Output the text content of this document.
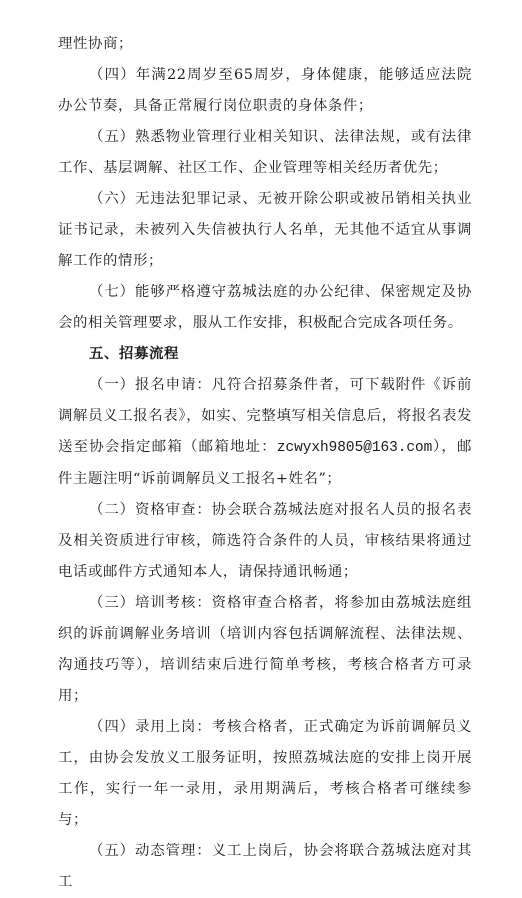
理性协商；

（四）年满22周岁至65周岁，身体健康，能够适应法院办公节奏，具备正常履行岗位职责的身体条件；

（五）熟悉物业管理行业相关知识、法律法规，或有法律工作、基层调解、社区工作、企业管理等相关经历者优先；

（六）无违法犯罪记录、无被开除公职或被吊销相关执业证书记录，未被列入失信被执行人名单，无其他不适宜从事调解工作的情形；

（七）能够严格遵守荔城法庭的办公纪律、保密规定及协会的相关管理要求，服从工作安排，积极配合完成各项任务。

五、招募流程

（一）报名申请：凡符合招募条件者，可下载附件《诉前调解员义工报名表》，如实、完整填写相关信息后，将报名表发送至协会指定邮箱（邮箱地址：zcwyxh9805@163.com），邮件主题注明“诉前调解员义工报名+姓名”；

（二）资格审查：协会联合荔城法庭对报名人员的报名表及相关资质进行审核，筛选符合条件的人员，审核结果将通过电话或邮件方式通知本人，请保持通讯畅通；

（三）培训考核：资格审查合格者，将参加由荔城法庭组织的诉前调解业务培训（培训内容包括调解流程、法律法规、沟通技巧等），培训结束后进行简单考核，考核合格者方可录用；

（四）录用上岗：考核合格者，正式确定为诉前调解员义工，由协会发放义工服务证明，按照荔城法庭的安排上岗开展工作，实行一年一录用，录用期满后，考核合格者可继续参与；

（五）动态管理：义工上岗后，协会将联合荔城法庭对其工
